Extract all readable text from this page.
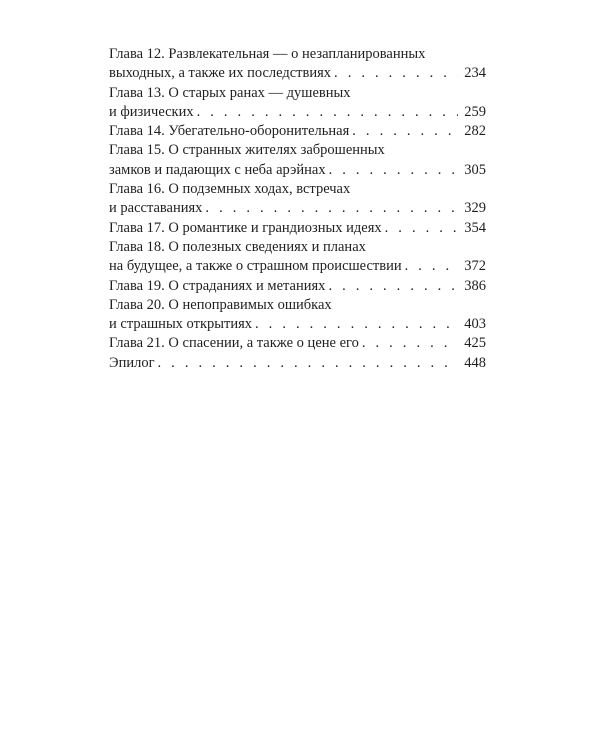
Глава 12. Развлекательная — о незапланированных
выходных, а также их последствиях . . .	234
Глава 13. О старых ранах — душевных
и физических . . .	259
Глава 14. Убегательно-оборонительная . . .	282
Глава 15. О странных жителях заброшенных
замков и падающих с неба арэйнах . . .	305
Глава 16. О подземных ходах, встречах
и расставаниях . . .	329
Глава 17. О романтике и грандиозных идеях . . .	354
Глава 18. О полезных сведениях и планах
на будущее, а также о страшном происшествии . . .	372
Глава 19. О страданиях и метаниях . . .	386
Глава 20. О непоправимых ошибках
и страшных открытиях . . .	403
Глава 21. О спасении, а также о цене его . . .	425
Эпилог . . .	448
